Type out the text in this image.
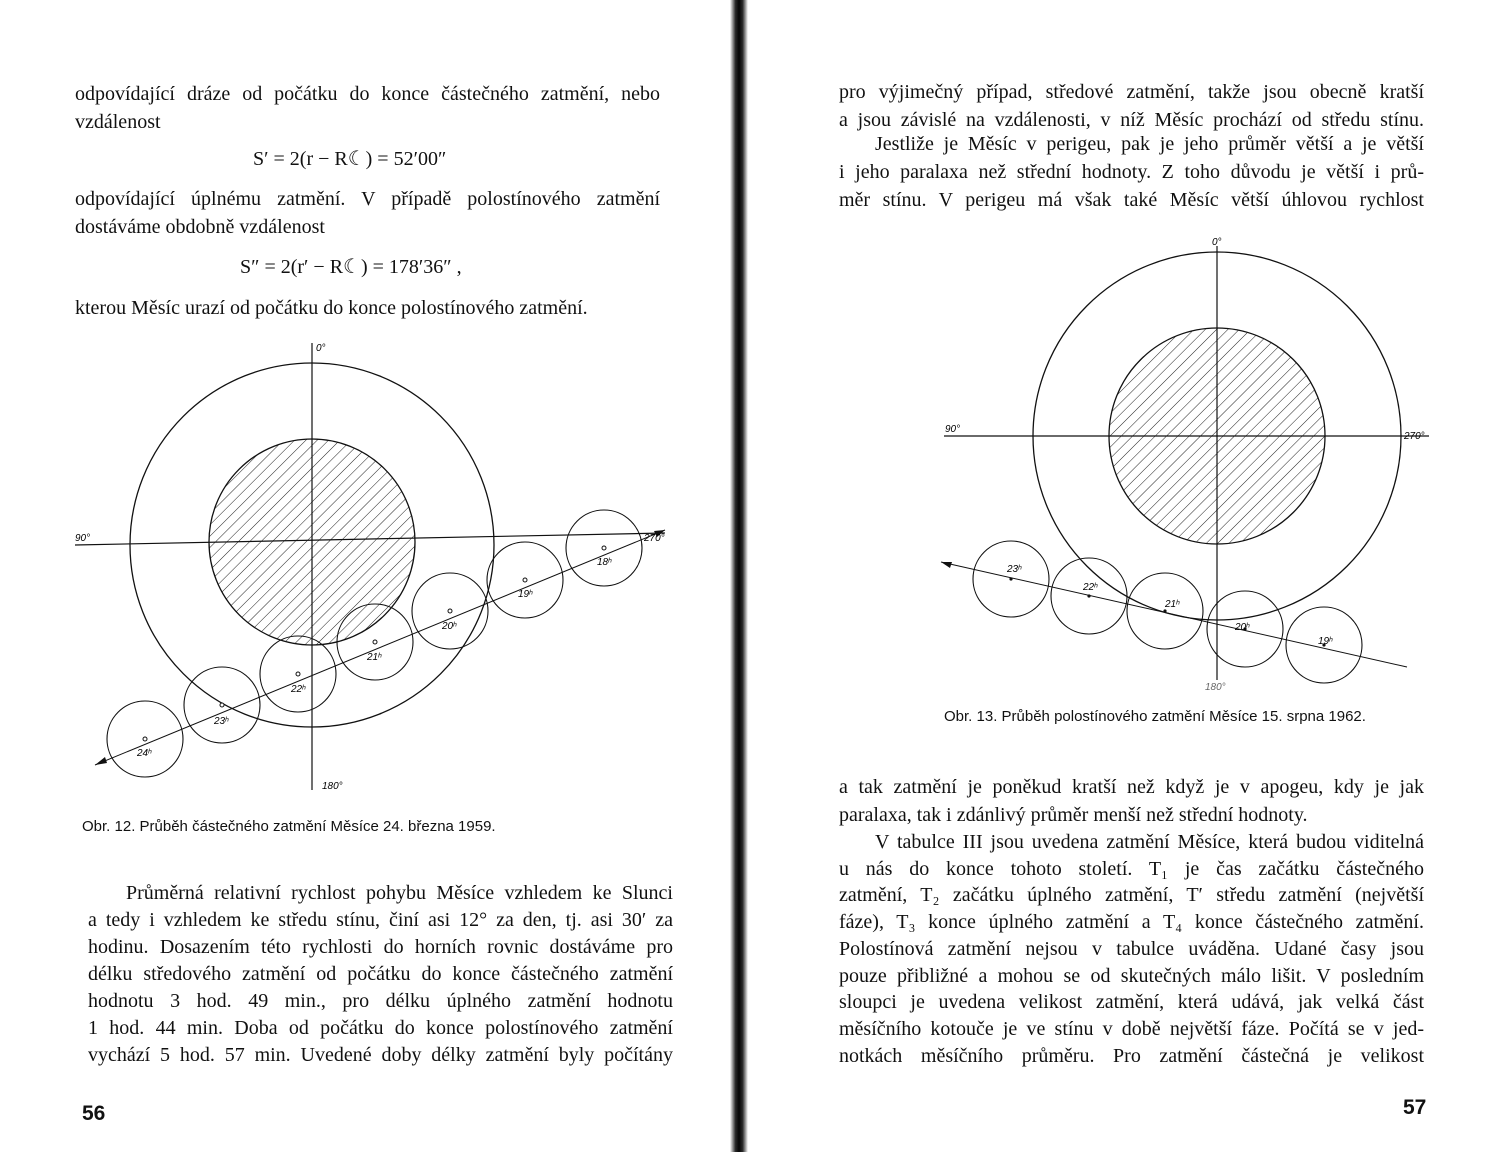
odpovídající dráze od počátku do konce částečného zatmění, nebo
vzdálenost
S′ = 2(r − R☾) = 52′00″
odpovídající úplnému zatmění. V případě polostínového zatmění
dostáváme obdobně vzdálenost
S″ = 2(r′ − R☾) = 178′36″ ,
kterou Měsíc urazí od počátku do konce polostínového zatmění.
0°
90°	270°
180°
18ʰ
19ʰ
20ʰ
21ʰ
22ʰ
23ʰ
24ʰ
Obr. 12. Průběh částečného zatmění Měsíce 24. března 1959.
Průměrná relativní rychlost pohybu Měsíce vzhledem ke Slunci
a tedy i vzhledem ke středu stínu, činí asi 12° za den, tj. asi 30′ za
hodinu. Dosazením této rychlosti do horních rovnic dostáváme pro
délku středového zatmění od počátku do konce částečného zatmění
hodnotu 3 hod. 49 min., pro délku úplného zatmění hodnotu
1 hod. 44 min. Doba od počátku do konce polostínového zatmění
vychází 5 hod. 57 min. Uvedené doby délky zatmění byly počítány
56
pro výjimečný případ, středové zatmění, takže jsou obecně kratší
a jsou závislé na vzdálenosti, v níž Měsíc prochází od středu stínu.
Jestliže je Měsíc v perigeu, pak je jeho průměr větší a je větší
i jeho paralaxa než střední hodnoty. Z toho důvodu je větší i prů-
měr stínu. V perigeu má však také Měsíc větší úhlovou rychlost
0°
90°
270°
180°
23ʰ
22ʰ
21ʰ
20ʰ
19ʰ
Obr. 13. Průběh polostínového zatmění Měsíce 15. srpna 1962.
a tak zatmění je poněkud kratší než když je v apogeu, kdy je jak
paralaxa, tak i zdánlivý průměr menší než střední hodnoty.
V tabulce III jsou uvedena zatmění Měsíce, která budou viditelná
u nás do konce tohoto století. T₁ je čas začátku částečného
zatmění, T₂ začátku úplného zatmění, T′ středu zatmění (největší
fáze), T₃ konce úplného zatmění a T₄ konce částečného zatmění.
Polostínová zatmění nejsou v tabulce uváděna. Udané časy jsou
pouze přibližné a mohou se od skutečných málo lišit. V posledním
sloupci je uvedena velikost zatmění, která udává, jak velká část
měsíčního kotouče je ve stínu v době největší fáze. Počítá se v jed-
notkách měsíčního průměru. Pro zatmění částečná je velikost
57
